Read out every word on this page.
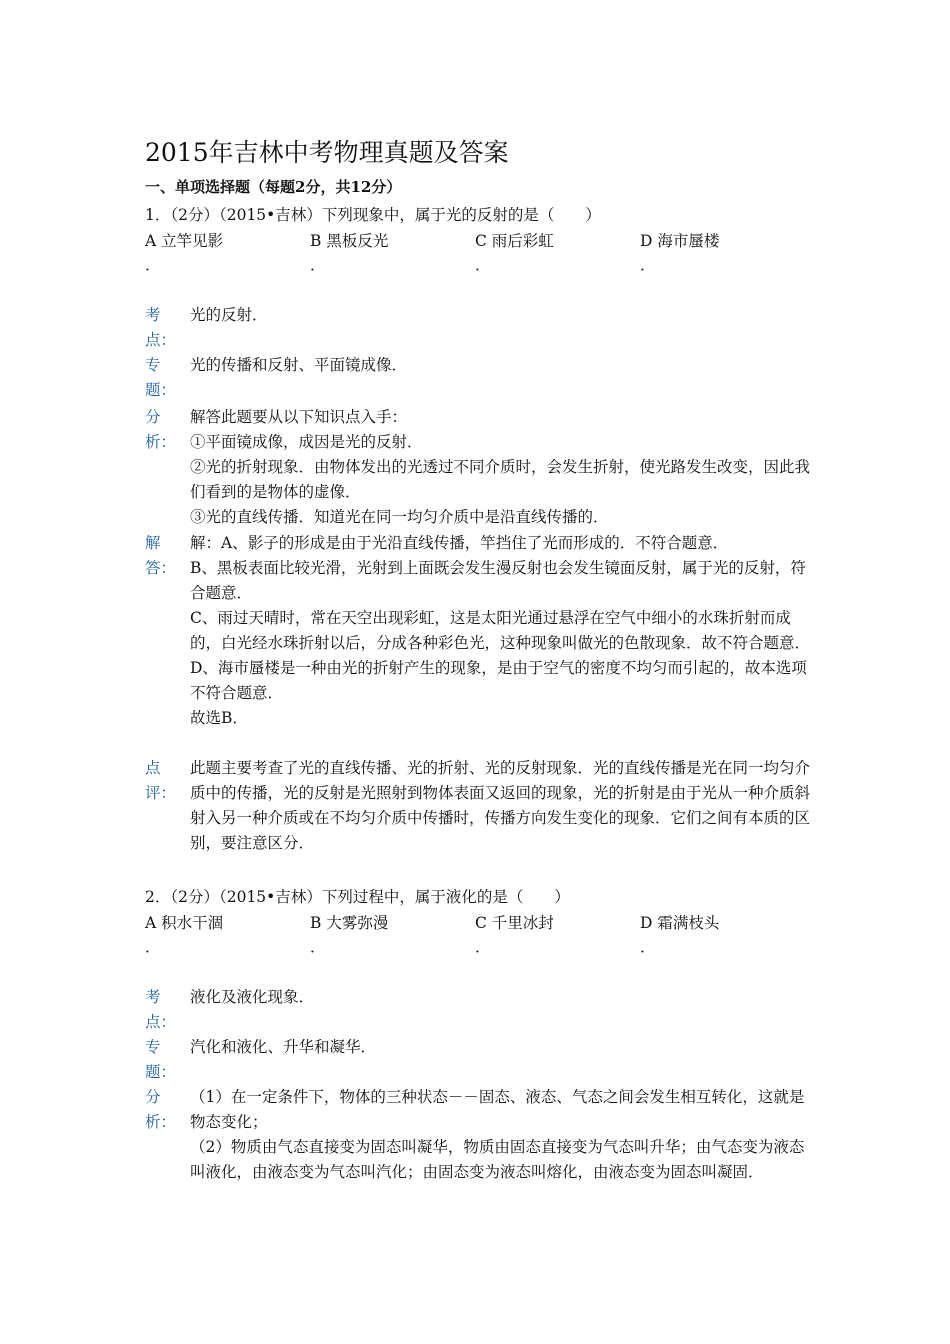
2015年吉林中考物理真题及答案
一、单项选择题（每题2分，共12分）
1．（2分）（2015•吉林）下列现象中，属于光的反射的是（　　）
A 立竿见影	B 黑板反光	C 雨后彩虹	D 海市蜃楼
．	．	．	．
考
点：
光的反射．
专
题：
光的传播和反射、平面镜成像．
分
析：

解答此题要从以下知识点入手：

①平面镜成像，成因是光的反射．

②光的折射现象．由物体发出的光透过不同介质时，会发生折射，使光路发生改变，因此我们看到的是物体的虚像．

③光的直线传播．知道光在同一均匀介质中是沿直线传播的．

解
答：

解：A、影子的形成是由于光沿直线传播，竿挡住了光而形成的．不符合题意．

B、黑板表面比较光滑，光射到上面既会发生漫反射也会发生镜面反射，属于光的反射，符合题意．

C、雨过天晴时，常在天空出现彩虹，这是太阳光通过悬浮在空气中细小的水珠折射而成的，白光经水珠折射以后，分成各种彩色光，这种现象叫做光的色散现象．故不符合题意．

D、海市蜃楼是一种由光的折射产生的现象，是由于空气的密度不均匀而引起的，故本选项不符合题意．

故选B．

点
评：
此题主要考查了光的直线传播、光的折射、光的反射现象．光的直线传播是光在同一均匀介质中的传播，光的反射是光照射到物体表面又返回的现象，光的折射是由于光从一种介质斜射入另一种介质或在不均匀介质中传播时，传播方向发生变化的现象．它们之间有本质的区别，要注意区分．
2．（2分）（2015•吉林）下列过程中，属于液化的是（　　）
A 积水干涸	B 大雾弥漫	C 千里冰封	D 霜满枝头
．	．	．	．
考
点：
液化及液化现象．
专
题：
汽化和液化、升华和凝华．
分
析：

（1）在一定条件下，物体的三种状态－－固态、液态、气态之间会发生相互转化，这就是物态变化；

（2）物质由气态直接变为固态叫凝华，物质由固态直接变为气态叫升华；由气态变为液态叫液化，由液态变为气态叫汽化；由固态变为液态叫熔化，由液态变为固态叫凝固．
